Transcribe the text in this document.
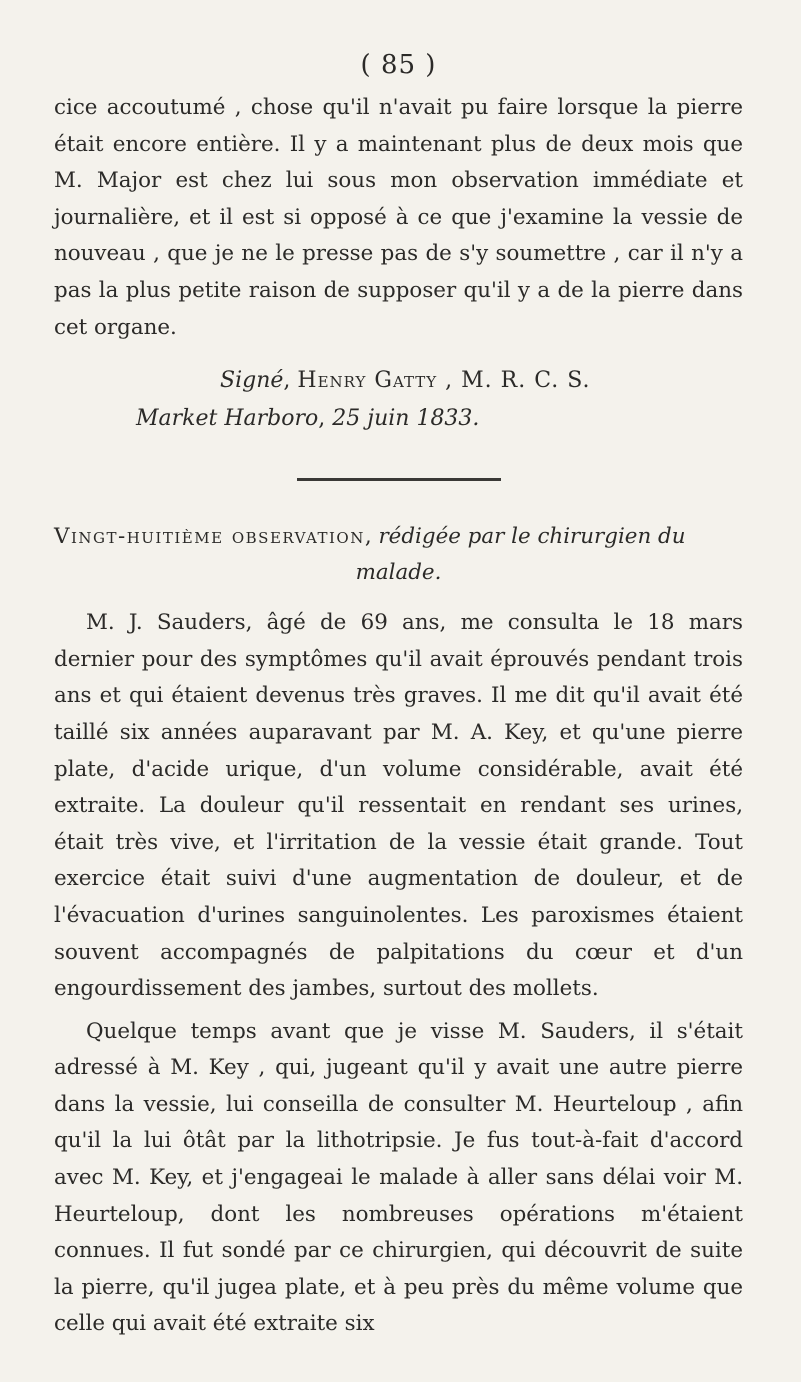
( 85 )

cice accoutumé , chose qu'il n'avait pu faire lorsque la pierre était encore entière. Il y a maintenant plus de deux mois que M. Major est chez lui sous mon observation immédiate et journalière, et il est si opposé à ce que j'examine la vessie de nouveau , que je ne le presse pas de s'y soumettre , car il n'y a pas la plus petite raison de supposer qu'il y a de la pierre dans cet organe.

Signé, Henry Gatty , M. R. C. S.
Market Harboro, 25 juin 1833.
Vingt-huitième observation, rédigée par le chirurgien du
malade.

M. J. Sauders, âgé de 69 ans, me consulta le 18 mars dernier pour des symptômes qu'il avait éprouvés pendant trois ans et qui étaient devenus très graves. Il me dit qu'il avait été taillé six années auparavant par M. A. Key, et qu'une pierre plate, d'acide urique, d'un volume considérable, avait été extraite. La douleur qu'il ressentait en rendant ses urines, était très vive, et l'irritation de la vessie était grande. Tout exercice était suivi d'une augmentation de douleur, et de l'évacuation d'urines sanguinolentes. Les paroxismes étaient souvent accompagnés de palpitations du cœur et d'un engourdissement des jambes, surtout des mollets.

Quelque temps avant que je visse M. Sauders, il s'était adressé à M. Key , qui, jugeant qu'il y avait une autre pierre dans la vessie, lui conseilla de consulter M. Heurteloup , afin qu'il la lui ôtât par la lithotripsie. Je fus tout-à-fait d'accord avec M. Key, et j'engageai le malade à aller sans délai voir M. Heurteloup, dont les nombreuses opérations m'étaient connues. Il fut sondé par ce chirurgien, qui découvrit de suite la pierre, qu'il jugea plate, et à peu près du même volume que celle qui avait été extraite six
